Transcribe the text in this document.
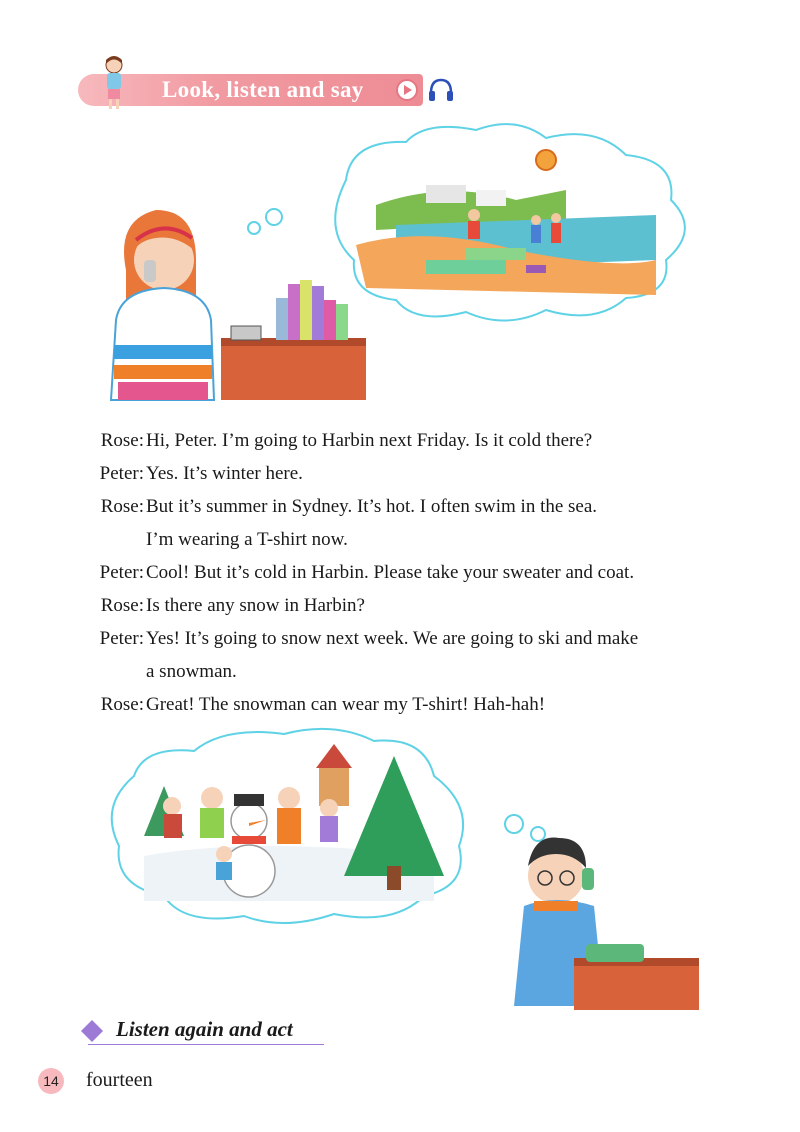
Look, listen and say
Rose: Hi, Peter. I’m going to Harbin next Friday. Is it cold there?
Peter: Yes. It’s winter here.
Rose: But it’s summer in Sydney. It’s hot. I often swim in the sea.
I’m wearing a T-shirt now.
Peter: Cool! But it’s cold in Harbin. Please take your sweater and coat.
Rose: Is there any snow in Harbin?
Peter: Yes! It’s going to snow next week. We are going to ski and make
a snowman.
Rose: Great! The snowman can wear my T-shirt! Hah-hah!
Listen again and act
14 fourteen
